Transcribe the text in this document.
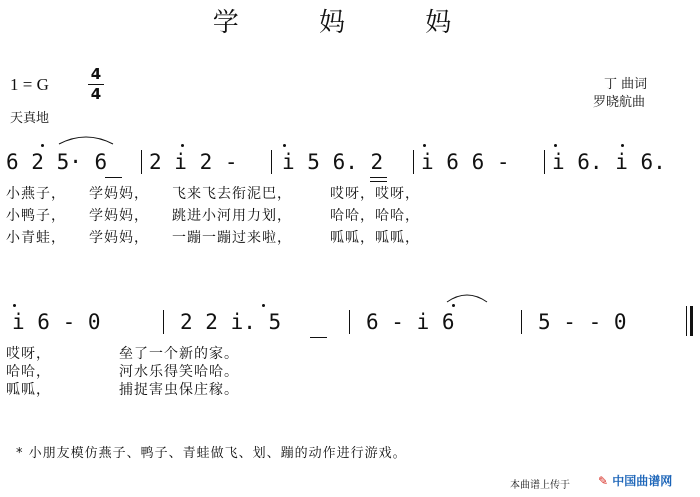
学 妈 妈
1 = G
4
4
天真地
丁 曲词
罗晓航曲
6 2 5· 6 2 i 2 - i 5 6. 2 i 6 6 - i 6. i 6.
小燕子，　　学妈妈，　　飞来飞去衔泥巴，　　　哎呀，哎呀，
小鸭子，　　学妈妈，　　跳进小河用力划，　　　哈哈，哈哈，
小青蛙，　　学妈妈，　　一蹦一蹦过来啦，　　　呱呱，呱呱，
i 6 - 0	2 2 i. 5	6 - i 6	5 - - 0
哎呀，　　　　　垒了一个新的家。
哈哈，　　　　　河水乐得笑哈哈。
呱呱，　　　　　捕捉害虫保庄稼。
* 小朋友模仿燕子、鸭子、青蛙做飞、划、蹦的动作进行游戏。
本曲谱上传于 ✎ 中国曲谱网
